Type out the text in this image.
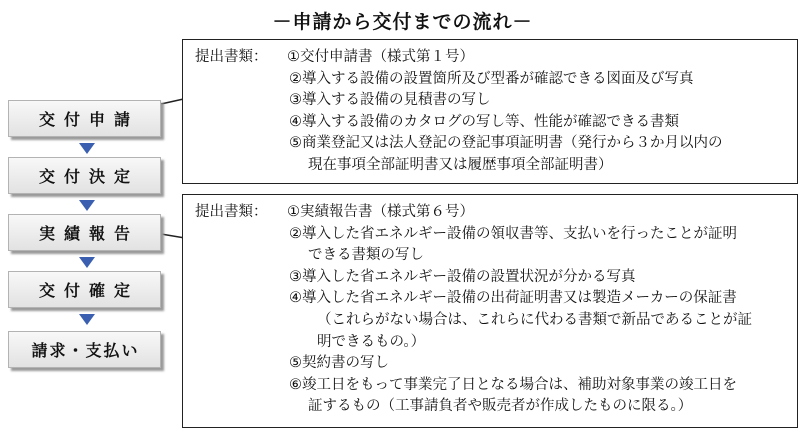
－申請から交付までの流れ－
交付申請
交付決定
実績報告
交付確定
請求・支払い
提出書類： ①交付申請書（様式第１号）
②導入する設備の設置箇所及び型番が確認できる図面及び写真
③導入する設備の見積書の写し
④導入する設備のカタログの写し等、性能が確認できる書類
⑤商業登記又は法人登記の登記事項証明書（発行から３か月以内の
現在事項全部証明書又は履歴事項全部証明書）
提出書類： ①実績報告書（様式第６号）
②導入した省エネルギー設備の領収書等、支払いを行ったことが証明
できる書類の写し
③導入した省エネルギー設備の設置状況が分かる写真
④導入した省エネルギー設備の出荷証明書又は製造メーカーの保証書
（これらがない場合は、これらに代わる書類で新品であることが証
明できるもの。）
⑤契約書の写し
⑥竣工日をもって事業完了日となる場合は、補助対象事業の竣工日を
証するもの（工事請負者や販売者が作成したものに限る。）
